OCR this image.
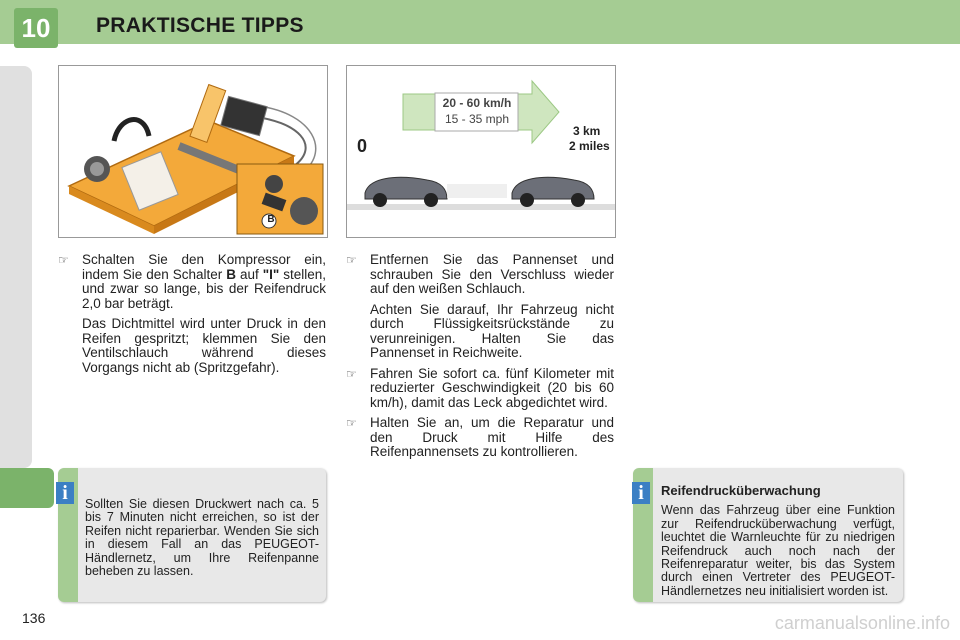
10	PRAKTISCHE TIPPS
B
20 - 60 km/h
15 - 35 mph
0
3 km
2 miles
☞ Schalten Sie den Kompressor ein, indem Sie den Schalter B auf "I" stellen, und zwar so lange, bis der Reifendruck 2,0 bar beträgt.
Das Dichtmittel wird unter Druck in den Reifen gespritzt; klemmen Sie den Ventilschlauch während dieses Vorgangs nicht ab (Spritzgefahr).
☞ Entfernen Sie das Pannenset und schrauben Sie den Verschluss wieder auf den weißen Schlauch.
Achten Sie darauf, Ihr Fahrzeug nicht durch Flüssigkeitsrückstände zu verunreinigen. Halten Sie das Pannenset in Reichweite.
☞ Fahren Sie sofort ca. fünf Kilometer mit reduzierter Geschwindigkeit (20 bis 60 km/h), damit das Leck abgedichtet wird.
☞ Halten Sie an, um die Reparatur und den Druck mit Hilfe des Reifenpannensets zu kontrollieren.
Sollten Sie diesen Druckwert nach ca. 5 bis 7 Minuten nicht erreichen, so ist der Reifen nicht reparierbar. Wenden Sie sich in diesem Fall an das PEUGEOT-Händlernetz, um Ihre Reifenpanne beheben zu lassen.
i	Reifendrucküberwachung
Wenn das Fahrzeug über eine Funktion zur Reifendrucküberwachung verfügt, leuchtet die Warnleuchte für zu niedrigen Reifendruck auch noch nach der Reifenreparatur weiter, bis das System durch einen Vertreter des PEUGEOT-Händlernetzes neu initialisiert worden ist.
i
136	carmanualsonline.info
